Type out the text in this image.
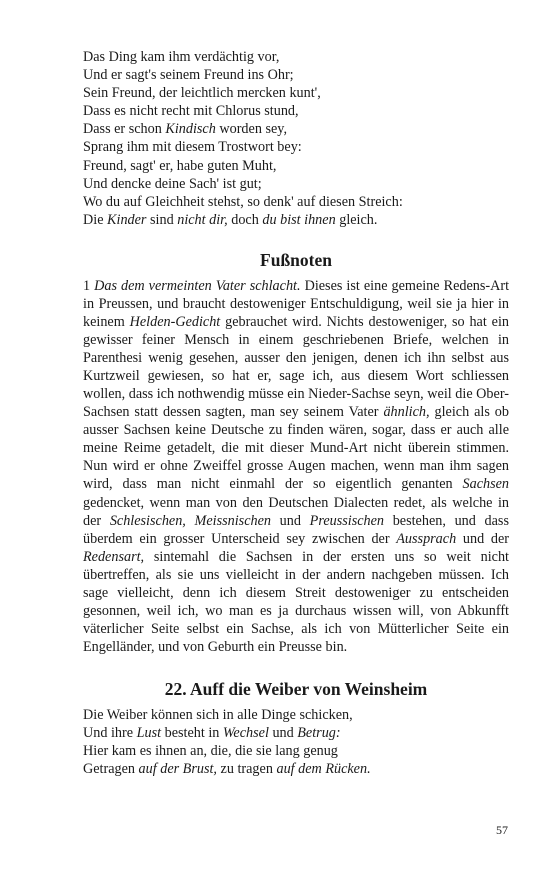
Das Ding kam ihm verdächtig vor,
Und er sagt's seinem Freund ins Ohr;
Sein Freund, der leichtlich mercken kunt',
Dass es nicht recht mit Chlorus stund,
Dass er schon Kindisch worden sey,
Sprang ihm mit diesem Trostwort bey:
Freund, sagt' er, habe guten Muht,
Und dencke deine Sach' ist gut;
Wo du auf Gleichheit stehst, so denk' auf diesen Streich:
Die Kinder sind nicht dir, doch du bist ihnen gleich.
Fußnoten

1 Das dem vermeinten Vater schlacht. Dieses ist eine gemeine Redens-Art in Preussen, und braucht destoweniger Entschuldigung, weil sie ja hier in keinem Helden-Gedicht gebrauchet wird. Nichts destoweniger, so hat ein gewisser feiner Mensch in einem geschriebenen Briefe, welchen in Parenthesi wenig gesehen, ausser den jenigen, denen ich ihn selbst aus Kurtzweil gewiesen, so hat er, sage ich, aus diesem Wort schliessen wollen, dass ich nothwendig müsse ein Nieder-Sachse seyn, weil die Ober-Sachsen statt dessen sagten, man sey seinem Vater ähnlich, gleich als ob ausser Sachsen keine Deutsche zu finden wären, sogar, dass er auch alle meine Reime getadelt, die mit dieser Mund-Art nicht überein stimmen. Nun wird er ohne Zweiffel grosse Augen machen, wenn man ihm sagen wird, dass man nicht einmahl der so eigentlich genanten Sachsen gedencket, wenn man von den Deutschen Dialecten redet, als welche in der Schlesischen, Meissnischen und Preussischen bestehen, und dass überdem ein grosser Unterscheid sey zwischen der Aussprach und der Redensart, sintemahl die Sachsen in der ersten uns so weit nicht übertreffen, als sie uns vielleicht in der andern nachgeben müssen. Ich sage vielleicht, denn ich diesem Streit destoweniger zu entscheiden gesonnen, weil ich, wo man es ja durchaus wissen will, von Abkunfft väterlicher Seite selbst ein Sachse, als ich von Mütterlicher Seite ein Engelländer, und von Geburth ein Preusse bin.

22. Auff die Weiber von Weinsheim
Die Weiber können sich in alle Dinge schicken,
Und ihre Lust besteht in Wechsel und Betrug:
Hier kam es ihnen an, die, die sie lang genug
Getragen auf der Brust, zu tragen auf dem Rücken.
57
